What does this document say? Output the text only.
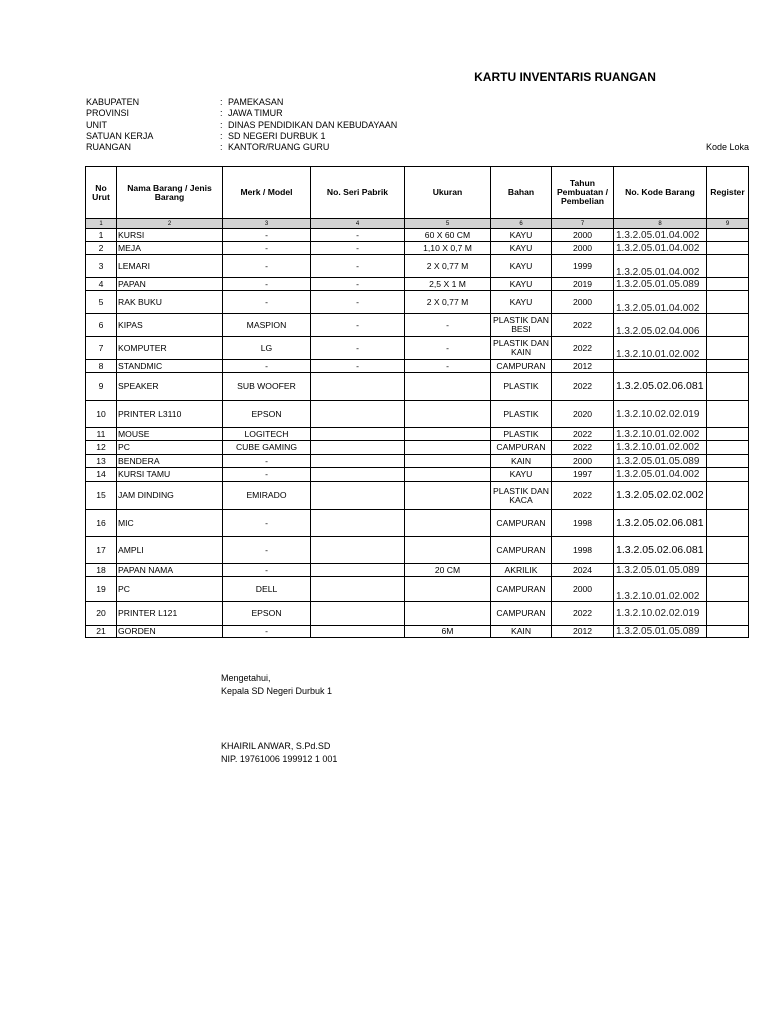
KARTU INVENTARIS RUANGAN
KABUPATEN	: PAMEKASAN
PROVINSI	: JAWA TIMUR
UNIT	: DINAS PENDIDIKAN DAN KEBUDAYAAN
SATUAN KERJA	: SD NEGERI DURBUK 1
RUANGAN	: KANTOR/RUANG GURU	Kode Loka
No Urut	Nama Barang / Jenis Barang	Merk / Model	No. Seri Pabrik	Ukuran	Bahan	Tahun Pembuatan / Pembelian	No. Kode Barang	Register
1	2	3	4	5	6	7	8	9
1	KURSI	-	-	60 X 60 CM	KAYU	2000	1.3.2.05.01.04.002	
2	MEJA	-	-	1,10 X 0,7 M	KAYU	2000	1.3.2.05.01.04.002	
3	LEMARI	-	-	2 X 0,77 M	KAYU	1999	1.3.2.05.01.04.002	
4	PAPAN	-	-	2,5 X 1 M	KAYU	2019	1.3.2.05.01.05.089	
5	RAK BUKU	-	-	2 X 0,77 M	KAYU	2000	1.3.2.05.01.04.002	
6	KIPAS	MASPION	-	-	PLASTIK DAN BESI	2022	1.3.2.05.02.04.006	
7	KOMPUTER	LG	-	-	PLASTIK DAN KAIN	2022	1.3.2.10.01.02.002	
8	STANDMIC	-	-	-	CAMPURAN	2012		
9	SPEAKER	SUB WOOFER			PLASTIK	2022	1.3.2.05.02.06.081	
10	PRINTER L3110	EPSON			PLASTIK	2020	1.3.2.10.02.02.019	
11	MOUSE	LOGITECH			PLASTIK	2022	1.3.2.10.01.02.002	
12	PC	CUBE GAMING			CAMPURAN	2022	1.3.2.10.01.02.002	
13	BENDERA	-			KAIN	2000	1.3.2.05.01.05.089	
14	KURSI TAMU	-			KAYU	1997	1.3.2.05.01.04.002	
15	JAM DINDING	EMIRADO			PLASTIK DAN KACA	2022	1.3.2.05.02.02.002	
16	MIC	-			CAMPURAN	1998	1.3.2.05.02.06.081	
17	AMPLI	-			CAMPURAN	1998	1.3.2.05.02.06.081	
18	PAPAN NAMA	-		20 CM	AKRILIK	2024	1.3.2.05.01.05.089	
19	PC	DELL			CAMPURAN	2000	1.3.2.10.01.02.002	
20	PRINTER L121	EPSON			CAMPURAN	2022	1.3.2.10.02.02.019	
21	GORDEN	-		6M	KAIN	2012	1.3.2.05.01.05.089	
Mengetahui,
Kepala SD Negeri Durbuk 1
KHAIRIL ANWAR, S.Pd.SD
NIP. 19761006 199912 1 001
